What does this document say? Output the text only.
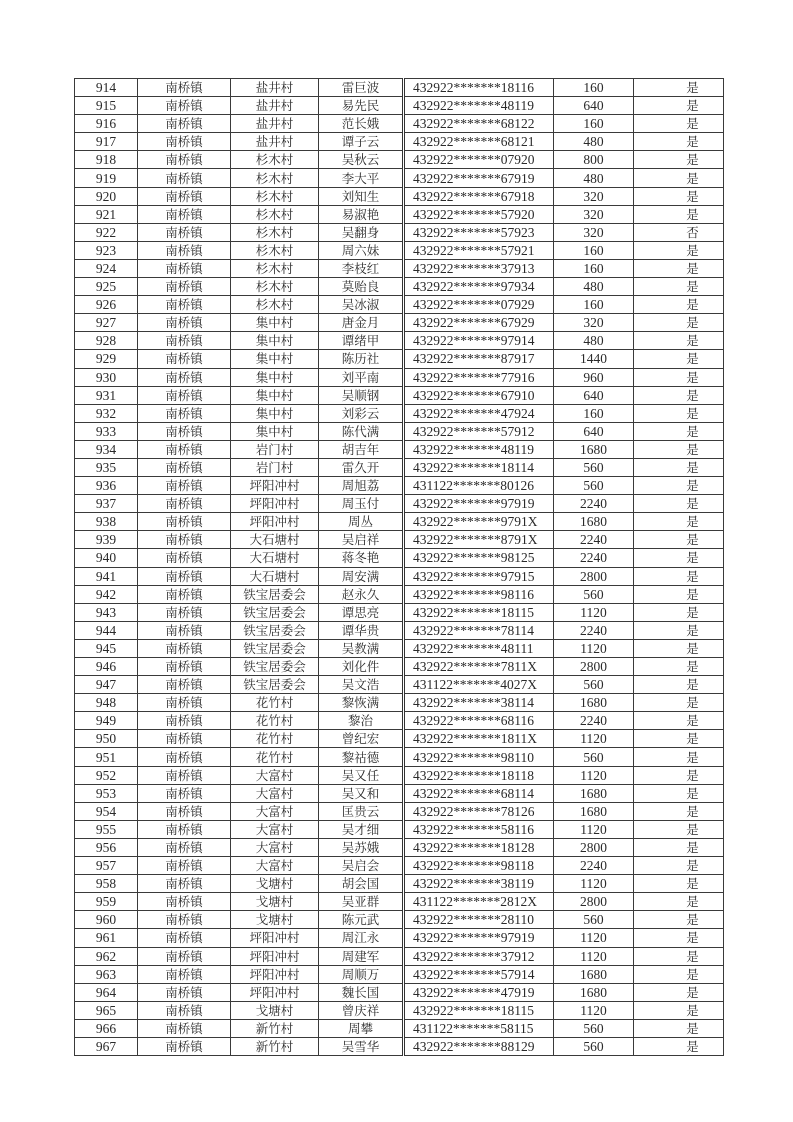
914	南桥镇	盐井村	雷巨波	432922*******18116	160	是
915	南桥镇	盐井村	易先民	432922*******48119	640	是
916	南桥镇	盐井村	范长娥	432922*******68122	160	是
917	南桥镇	盐井村	谭子云	432922*******68121	480	是
918	南桥镇	杉木村	吴秋云	432922*******07920	800	是
919	南桥镇	杉木村	李大平	432922*******67919	480	是
920	南桥镇	杉木村	刘知生	432922*******67918	320	是
921	南桥镇	杉木村	易淑艳	432922*******57920	320	是
922	南桥镇	杉木村	吴翻身	432922*******57923	320	否
923	南桥镇	杉木村	周六妹	432922*******57921	160	是
924	南桥镇	杉木村	李枝红	432922*******37913	160	是
925	南桥镇	杉木村	莫贻良	432922*******97934	480	是
926	南桥镇	杉木村	吴冰淑	432922*******07929	160	是
927	南桥镇	集中村	唐金月	432922*******67929	320	是
928	南桥镇	集中村	谭绪甲	432922*******97914	480	是
929	南桥镇	集中村	陈历社	432922*******87917	1440	是
930	南桥镇	集中村	刘平南	432922*******77916	960	是
931	南桥镇	集中村	吴顺钢	432922*******67910	640	是
932	南桥镇	集中村	刘彩云	432922*******47924	160	是
933	南桥镇	集中村	陈代满	432922*******57912	640	是
934	南桥镇	岩门村	胡吉年	432922*******48119	1680	是
935	南桥镇	岩门村	雷久开	432922*******18114	560	是
936	南桥镇	坪阳冲村	周旭荔	431122*******80126	560	是
937	南桥镇	坪阳冲村	周玉付	432922*******97919	2240	是
938	南桥镇	坪阳冲村	周丛	432922*******9791X	1680	是
939	南桥镇	大石塘村	吴启祥	432922*******8791X	2240	是
940	南桥镇	大石塘村	蒋冬艳	432922*******98125	2240	是
941	南桥镇	大石塘村	周安满	432922*******97915	2800	是
942	南桥镇	铁宝居委会	赵永久	432922*******98116	560	是
943	南桥镇	铁宝居委会	谭思亮	432922*******18115	1120	是
944	南桥镇	铁宝居委会	谭华贵	432922*******78114	2240	是
945	南桥镇	铁宝居委会	吴教满	432922*******48111	1120	是
946	南桥镇	铁宝居委会	刘化件	432922*******7811X	2800	是
947	南桥镇	铁宝居委会	吴文浩	431122*******4027X	560	是
948	南桥镇	花竹村	黎恢满	432922*******38114	1680	是
949	南桥镇	花竹村	黎治	432922*******68116	2240	是
950	南桥镇	花竹村	曾纪宏	432922*******1811X	1120	是
951	南桥镇	花竹村	黎祜德	432922*******98110	560	是
952	南桥镇	大富村	吴又任	432922*******18118	1120	是
953	南桥镇	大富村	吴又和	432922*******68114	1680	是
954	南桥镇	大富村	匡贵云	432922*******78126	1680	是
955	南桥镇	大富村	吴才细	432922*******58116	1120	是
956	南桥镇	大富村	吴苏娥	432922*******18128	2800	是
957	南桥镇	大富村	吴启会	432922*******98118	2240	是
958	南桥镇	戈塘村	胡会国	432922*******38119	1120	是
959	南桥镇	戈塘村	吴亚群	431122*******2812X	2800	是
960	南桥镇	戈塘村	陈元武	432922*******28110	560	是
961	南桥镇	坪阳冲村	周江永	432922*******97919	1120	是
962	南桥镇	坪阳冲村	周建军	432922*******37912	1120	是
963	南桥镇	坪阳冲村	周顺万	432922*******57914	1680	是
964	南桥镇	坪阳冲村	魏长国	432922*******47919	1680	是
965	南桥镇	戈塘村	曾庆祥	432922*******18115	1120	是
966	南桥镇	新竹村	周攀	431122*******58115	560	是
967	南桥镇	新竹村	吴雪华	432922*******88129	560	是
